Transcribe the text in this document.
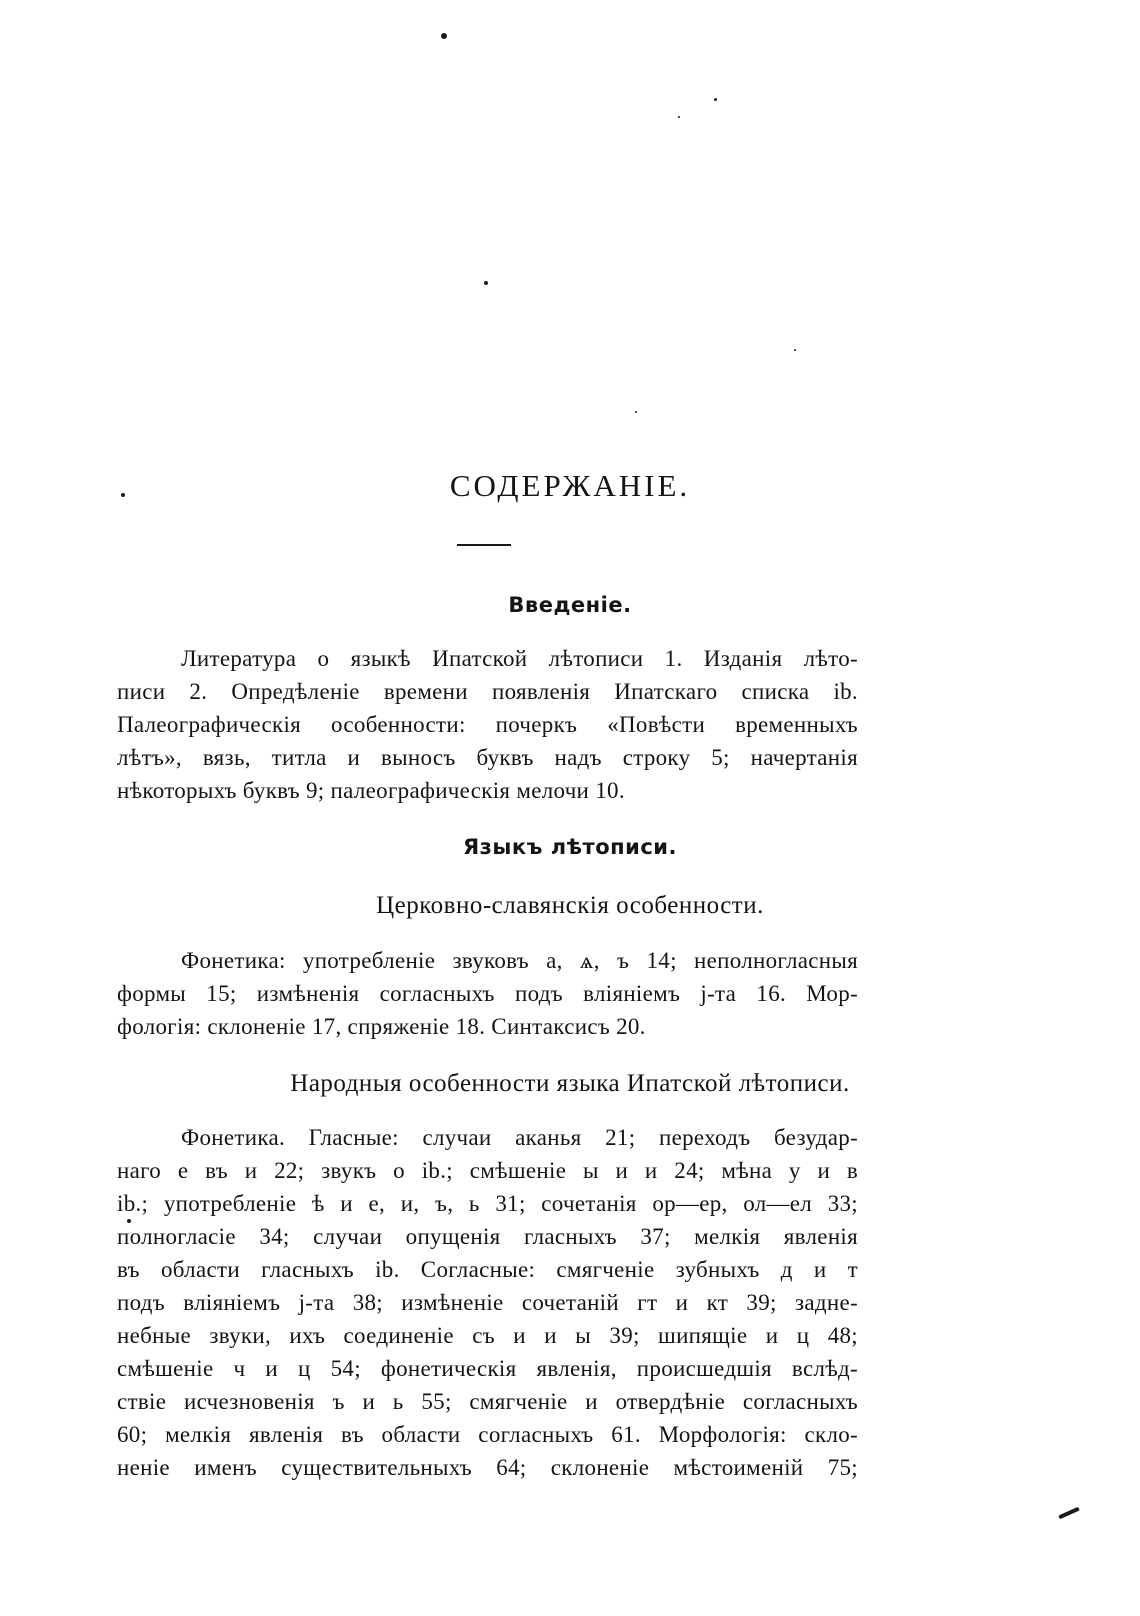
СОДЕРЖАНІЕ.
Введеніе.
Литература о языкѣ Ипатской лѣтописи 1. Изданія лѣто-
писи 2. Опредѣленіе времени появленія Ипатскаго списка ib.
Палеографическія особенности: почеркъ «Повѣсти временныхъ
лѣтъ», вязь, титла и выносъ буквъ надъ строку 5; начертанія
нѣкоторыхъ буквъ 9; палеографическія мелочи 10.
Языкъ лѣтописи.
Церковно-славянскія особенности.
Фонетика: употребленіе звуковъ а, ѧ, ъ 14; неполногласныя
формы 15; измѣненія согласныхъ подъ вліяніемъ j-та 16. Мор-
фологія: склоненіе 17, спряженіе 18. Синтаксисъ 20.
Народныя особенности языка Ипатской лѣтописи.
Фонетика. Гласные: случаи аканья 21; переходъ безудар-
наго е въ и 22; звукъ о ib.; смѣшеніе ы и и 24; мѣна у и в
ib.; употребленіе ѣ и е, и, ъ, ь 31; сочетанія ор—ер, ол—ел 33;
полногласіе 34; случаи опущенія гласныхъ 37; мелкія явленія
въ области гласныхъ ib. Согласные: смягченіе зубныхъ д и т
подъ вліяніемъ j-та 38; измѣненіе сочетаній гт и кт 39; задне-
небные звуки, ихъ соединеніе съ и и ы 39; шипящіе и ц 48;
смѣшеніе ч и ц 54; фонетическія явленія, происшедшія вслѣд-
ствіе исчезновенія ъ и ь 55; смягченіе и отвердѣніе согласныхъ
60; мелкія явленія въ области согласныхъ 61. Морфологія: скло-
неніе именъ существительныхъ 64; склоненіе мѣстоименій 75;
